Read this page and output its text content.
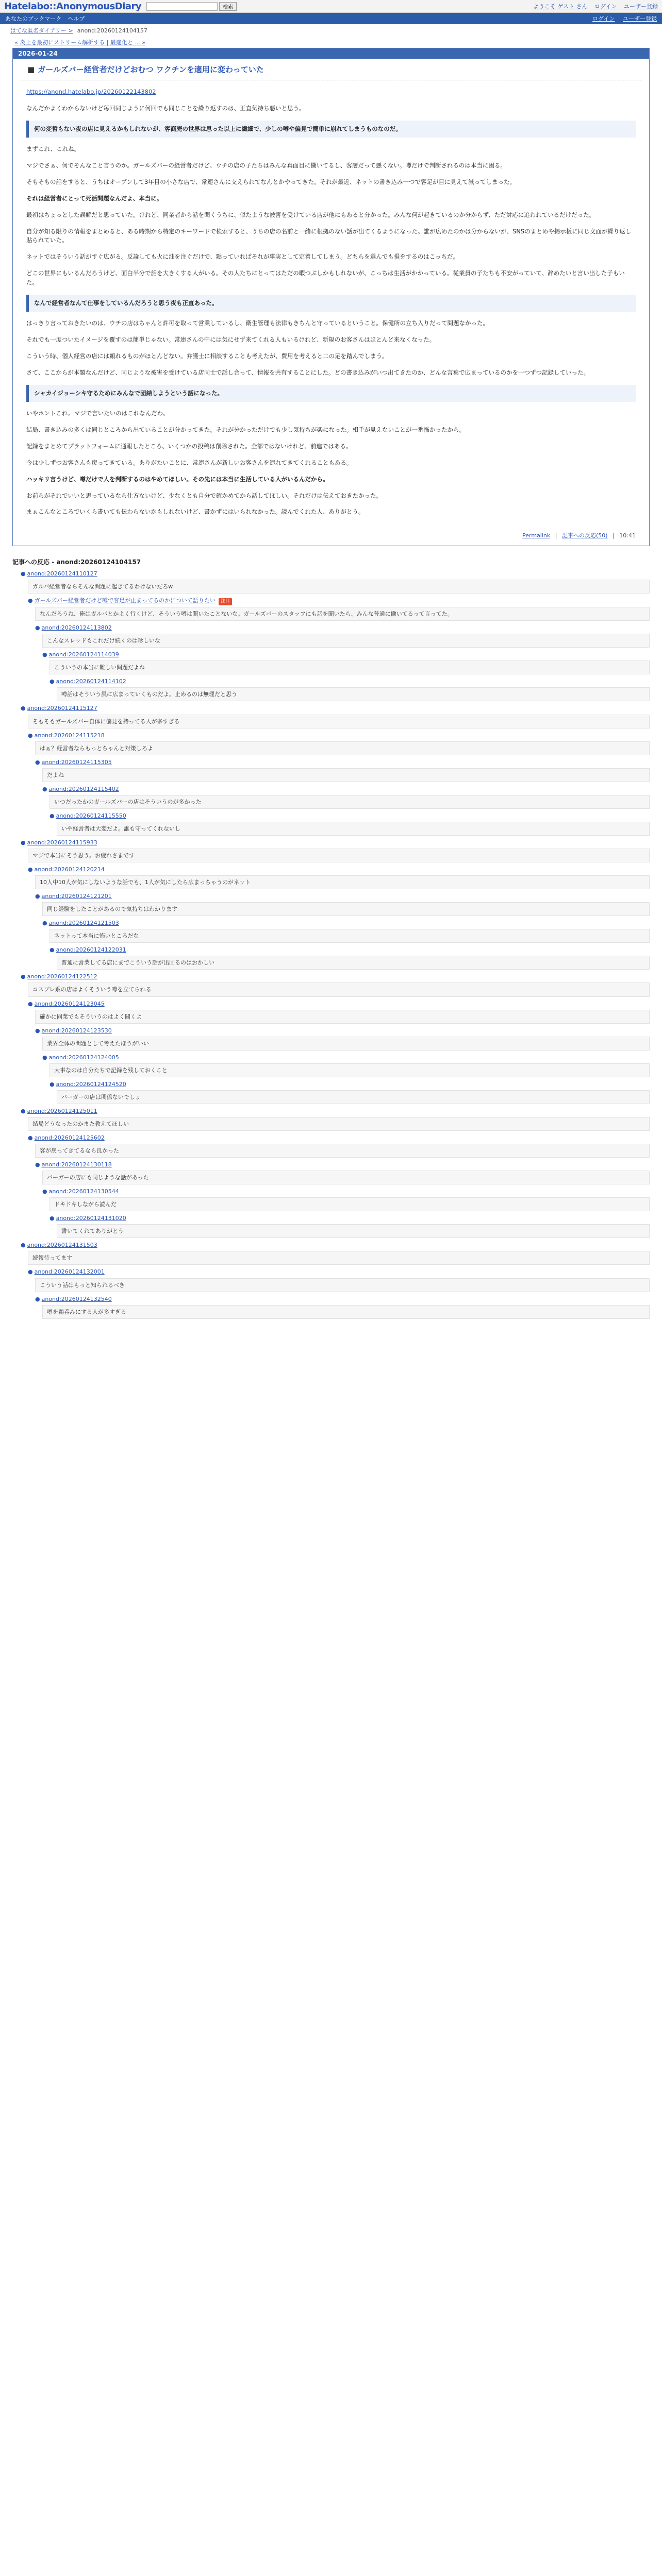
Hatelabo::AnonymousDiary	検索	ようこそ ゲスト さん ログイン ユーザー登録
あなたのブックマーク ヘルプ	ログイン ユーザー登録
はてな匿名ダイアリー > anond:20260124104157
« 炎上を最初にストリーム解析する | 最適化と ... »
2026-01-24
■ ガールズバー経営者だけどおむつ ワクチンを適用に変わっていた

https://anond.hatelabo.jp/20260122143802

なんだかよくわからないけど毎回同じように何回でも同じことを繰り返すのは、正直気持ち悪いと思う。
何の変哲もない夜の店に見えるかもしれないが、客商売の世界は思った以上に繊細で、少しの噂や偏見で簡単に崩れてしまうものなのだ。
まずこれ、これね。
マジでさぁ、何でそんなこと言うのか。ガールズバーの経営者だけど、ウチの店の子たちはみんな真面目に働いてるし、客層だって悪くない。噂だけで判断されるのは本当に困る。
そもそもの話をすると、うちはオープンして3年目の小さな店で、常連さんに支えられてなんとかやってきた。それが最近、ネットの書き込み一つで客足が目に見えて減ってしまった。
それは経営者にとって死活問題なんだよ、本当に。
最初はちょっとした誤解だと思っていた。けれど、同業者から話を聞くうちに、似たような被害を受けている店が他にもあると分かった。みんな何が起きているのか分からず、ただ対応に追われているだけだった。
自分が知る限りの情報をまとめると、ある時期から特定のキーワードで検索すると、うちの店の名前と一緒に根拠のない話が出てくるようになった。誰が広めたのかは分からないが、SNSのまとめや掲示板に同じ文面が繰り返し貼られていた。
ネットではそういう話がすぐ広がる。反論しても火に油を注ぐだけで、黙っていればそれが事実として定着してしまう。どちらを選んでも損をするのはこっちだ。
どこの世界にもいるんだろうけど、面白半分で話を大きくする人がいる。その人たちにとってはただの暇つぶしかもしれないが、こっちは生活がかかっている。従業員の子たちも不安がっていて、辞めたいと言い出した子もいた。
なんで経営者なんて仕事をしているんだろうと思う夜も正直あった。
はっきり言っておきたいのは、ウチの店はちゃんと許可を取って営業しているし、衛生管理も法律もきちんと守っているということ。保健所の立ち入りだって問題なかった。
それでも一度ついたイメージを覆すのは簡単じゃない。常連さんの中には気にせず来てくれる人もいるけれど、新規のお客さんはほとんど来なくなった。
こういう時、個人経営の店には頼れるものがほとんどない。弁護士に相談することも考えたが、費用を考えると二の足を踏んでしまう。
さて、ここからが本題なんだけど、同じような被害を受けている店同士で話し合って、情報を共有することにした。どの書き込みがいつ出てきたのか、どんな言葉で広まっているのかを一つずつ記録していった。
シャカイジョーシキ守るためにみんなで団結しようという話になった。
いやホントこれ。マジで言いたいのはこれなんだわ。
結局、書き込みの多くは同じところから出ていることが分かってきた。それが分かっただけでも少し気持ちが楽になった。相手が見えないことが一番怖かったから。
記録をまとめてプラットフォームに通報したところ、いくつかの投稿は削除された。全部ではないけれど、前進ではある。
今は少しずつお客さんも戻ってきている。ありがたいことに、常連さんが新しいお客さんを連れてきてくれることもある。
ハッキリ言うけど、噂だけで人を判断するのはやめてほしい。その先には本当に生活している人がいるんだから。
お前らがそれでいいと思っているなら仕方ないけど、少なくとも自分で確かめてから話してほしい。それだけは伝えておきたかった。
まぁこんなところでいくら書いても伝わらないかもしれないけど、書かずにはいられなかった。読んでくれた人、ありがとう。
Permalink | 記事への反応(50) | 10:41
記事への反応 - anond:20260124104157
● anond:20260124110127
ガルバ経営者ならそんな問題に起きてるわけないだろw
● ガールズバー経営者だけど噂で客足が止まってるのかについて語りたい 注目
なんだろうね、俺はガルバとかよく行くけど、そういう噂は聞いたことないな。ガールズバーのスタッフにも話を聞いたら、みんな普通に働いてるって言ってた。
● anond:20260124113802
こんなスレッドもこれだけ続くのは珍しいな
● anond:20260124114039
こういうの本当に難しい問題だよね
● anond:20260124114102
噂話はそういう風に広まっていくものだよ。止めるのは無理だと思う
● anond:20260124115127
そもそもガールズバー自体に偏見を持ってる人が多すぎる
● anond:20260124115218
はぁ？経営者ならもっとちゃんと対策しろよ
● anond:20260124115305
だよね
● anond:20260124115402
いつだったかのガールズバーの店はそういうのが多かった
● anond:20260124115550
いや経営者は大変だよ。誰も守ってくれないし
● anond:20260124115933
マジで本当にそう思う。お疲れさまです
● anond:20260124120214
10人中10人が気にしないような話でも、1人が気にしたら広まっちゃうのがネット
● anond:20260124121201
同じ経験をしたことがあるので気持ちはわかります
● anond:20260124121503
ネットって本当に怖いところだな
● anond:20260124122031
普通に営業してる店にまでこういう話が出回るのはおかしい
● anond:20260124122512
コスプレ系の店はよくそういう噂を立てられる
● anond:20260124123045
確かに同業でもそういうのはよく聞くよ
● anond:20260124123530
業界全体の問題として考えたほうがいい
● anond:20260124124005
大事なのは自分たちで記録を残しておくこと
● anond:20260124124520
バーガーの店は関係ないでしょ
● anond:20260124125011
結局どうなったのかまた教えてほしい
● anond:20260124125602
客が戻ってきてるなら良かった
● anond:20260124130118
バーガーの店にも同じような話があった
● anond:20260124130544
ドキドキしながら読んだ
● anond:20260124131020
書いてくれてありがとう
● anond:20260124131503
続報待ってます
● anond:20260124132001
こういう話はもっと知られるべき
● anond:20260124132540
噂を鵜呑みにする人が多すぎる
